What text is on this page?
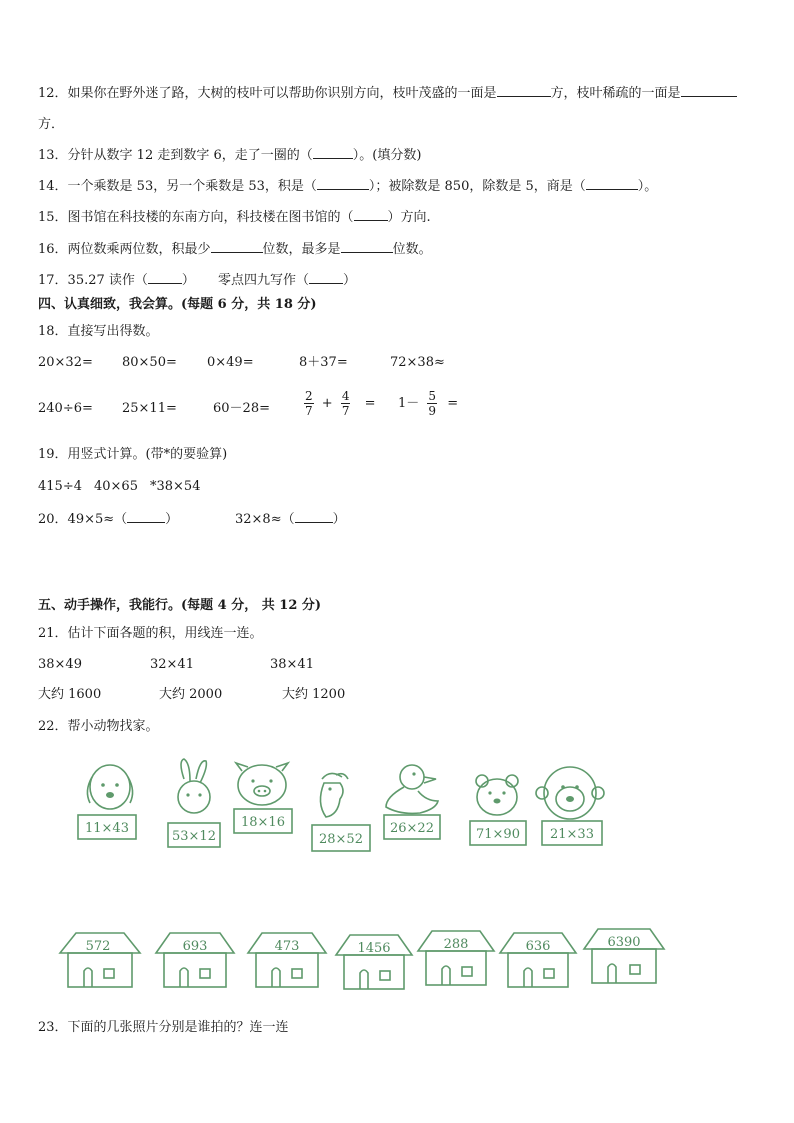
12．如果你在野外迷了路，大树的枝叶可以帮助你识别方向，枝叶茂盛的一面是	方，枝叶稀疏的一面是
方．
13．分针从数字 12 走到数字 6，走了一圈的（	）。(填分数)
14．一个乘数是 53，另一个乘数是 53，积是（	）；被除数是 850，除数是 5，商是（	）。
15．图书馆在科技楼的东南方向，科技楼在图书馆的（	）方向.
16．两位数乘两位数，积最少	位数，最多是	位数。
17．35.27 读作（	） 零点四九写作（	）
四、认真细致，我会算。(每题 6 分，共 18 分)
18．直接写出得数。
20×32= 80×50= 0×49=	8＋37=	72×38≈
240÷6= 25×11=	60－28=	$\frac{2}{7} + \frac{4}{7} = 1- \frac{5}{9}$ =
19．用竖式计算。(带*的要验算)
415÷4 40×65 *38×54
20．49×5≈（	）	32×8≈（	）
五、动手操作，我能行。(每题 4 分， 共 12 分)
21．估计下面各题的积，用线连一连。
38×49	32×41	38×41
大约 1600	大约 2000	大约 1200
22．帮小动物找家。
11×43
53×12
18×16
28×52
26×22	71×90 21×33
572	693	473	1456	288	636	6390
23．下面的几张照片分别是谁拍的？连一连
